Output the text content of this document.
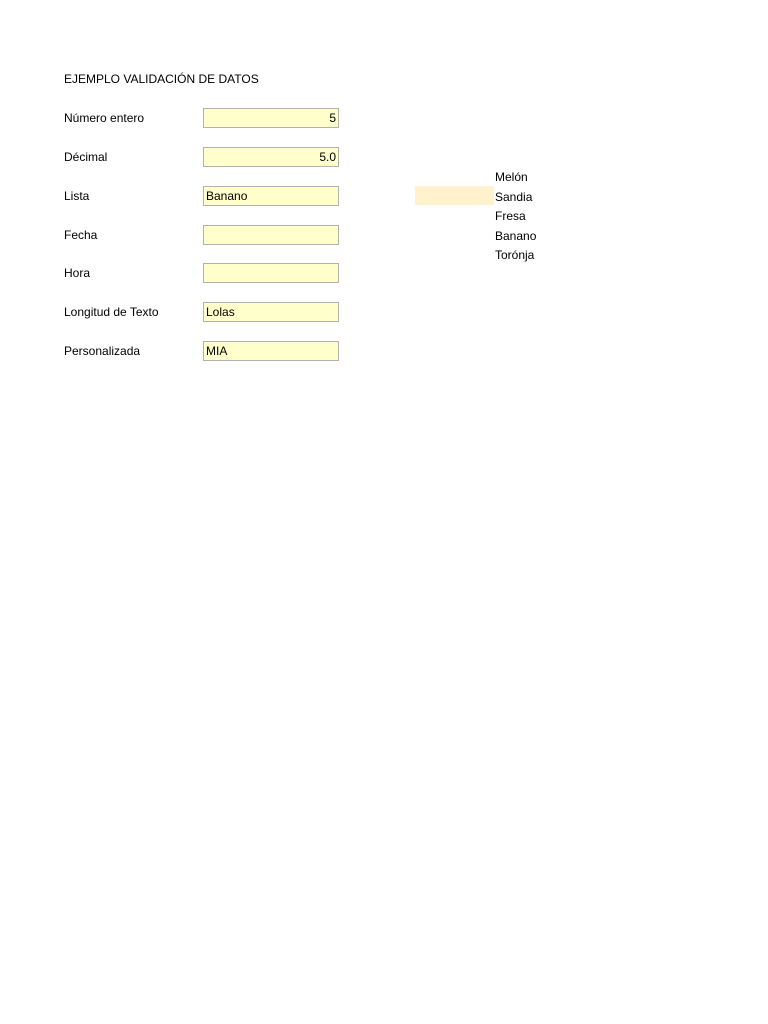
EJEMPLO VALIDACIÓN DE DATOS
Número entero	5
Décimal	5.0
Lista	Banano
Fecha
Hora
Longitud de Texto	Lolas
Personalizada	MIA
Melón
Sandia
Fresa
Banano
Torónja
